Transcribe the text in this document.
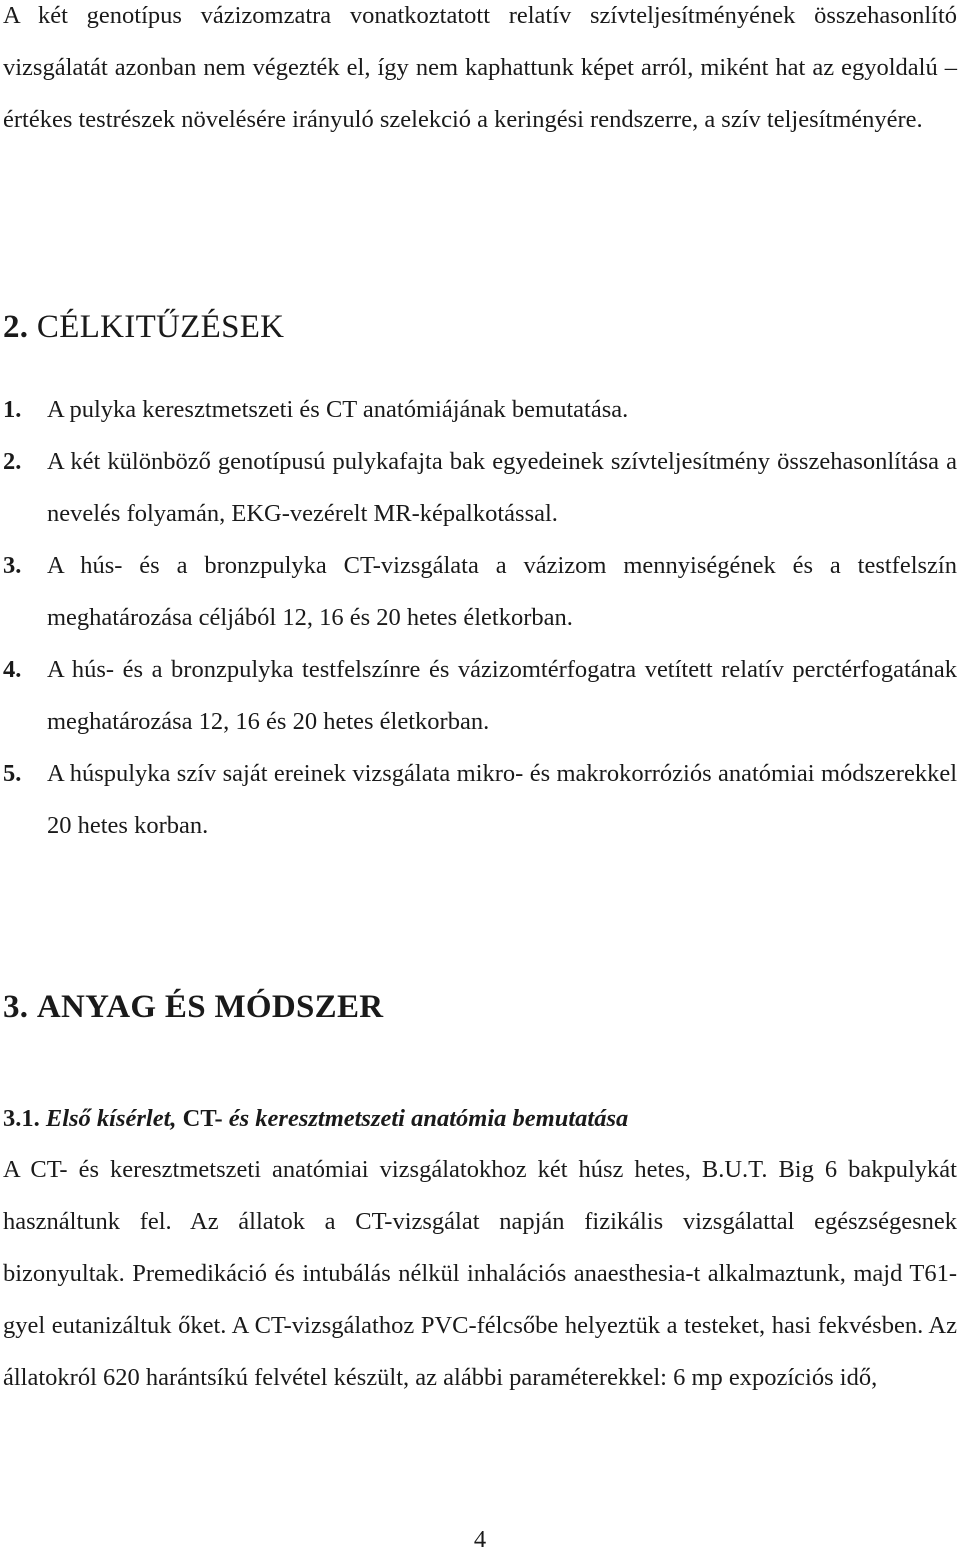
A két genotípus vázizomzatra vonatkoztatott relatív szívteljesítményének összehasonlító vizsgálatát azonban nem végezték el, így nem kaphattunk képet arról, miként hat az egyoldalú – értékes testrészek növelésére irányuló szelekció a keringési rendszerre, a szív teljesítményére.

2. CÉLKITŰZÉSEK
1. A pulyka keresztmetszeti és CT anatómiájának bemutatása.
2. A két különböző genotípusú pulykafajta bak egyedeinek szívteljesítmény összehasonlítása a nevelés folyamán, EKG-vezérelt MR-képalkotással.
3. A hús- és a bronzpulyka CT-vizsgálata a vázizom mennyiségének és a testfelszín meghatározása céljából 12, 16 és 20 hetes életkorban.
4. A hús- és a bronzpulyka testfelszínre és vázizomtérfogatra vetített relatív perctérfogatának meghatározása 12, 16 és 20 hetes életkorban.
5. A húspulyka szív saját ereinek vizsgálata mikro- és makrokorróziós anatómiai módszerekkel 20 hetes korban.
3. ANYAG ÉS MÓDSZER

3.1. Első kísérlet, CT- és keresztmetszeti anatómia bemutatása

A CT- és keresztmetszeti anatómiai vizsgálatokhoz két húsz hetes, B.U.T. Big 6 bakpulykát használtunk fel. Az állatok a CT-vizsgálat napján fizikális vizsgálattal egészségesnek bizonyultak. Premedikáció és intubálás nélkül inhalációs anaesthesia-t alkalmaztunk, majd T61-gyel eutanizáltuk őket. A CT-vizsgálathoz PVC-félcsőbe helyeztük a testeket, hasi fekvésben. Az állatokról 620 harántsíkú felvétel készült, az alábbi paraméterekkel: 6 mp expozíciós idő,

4
